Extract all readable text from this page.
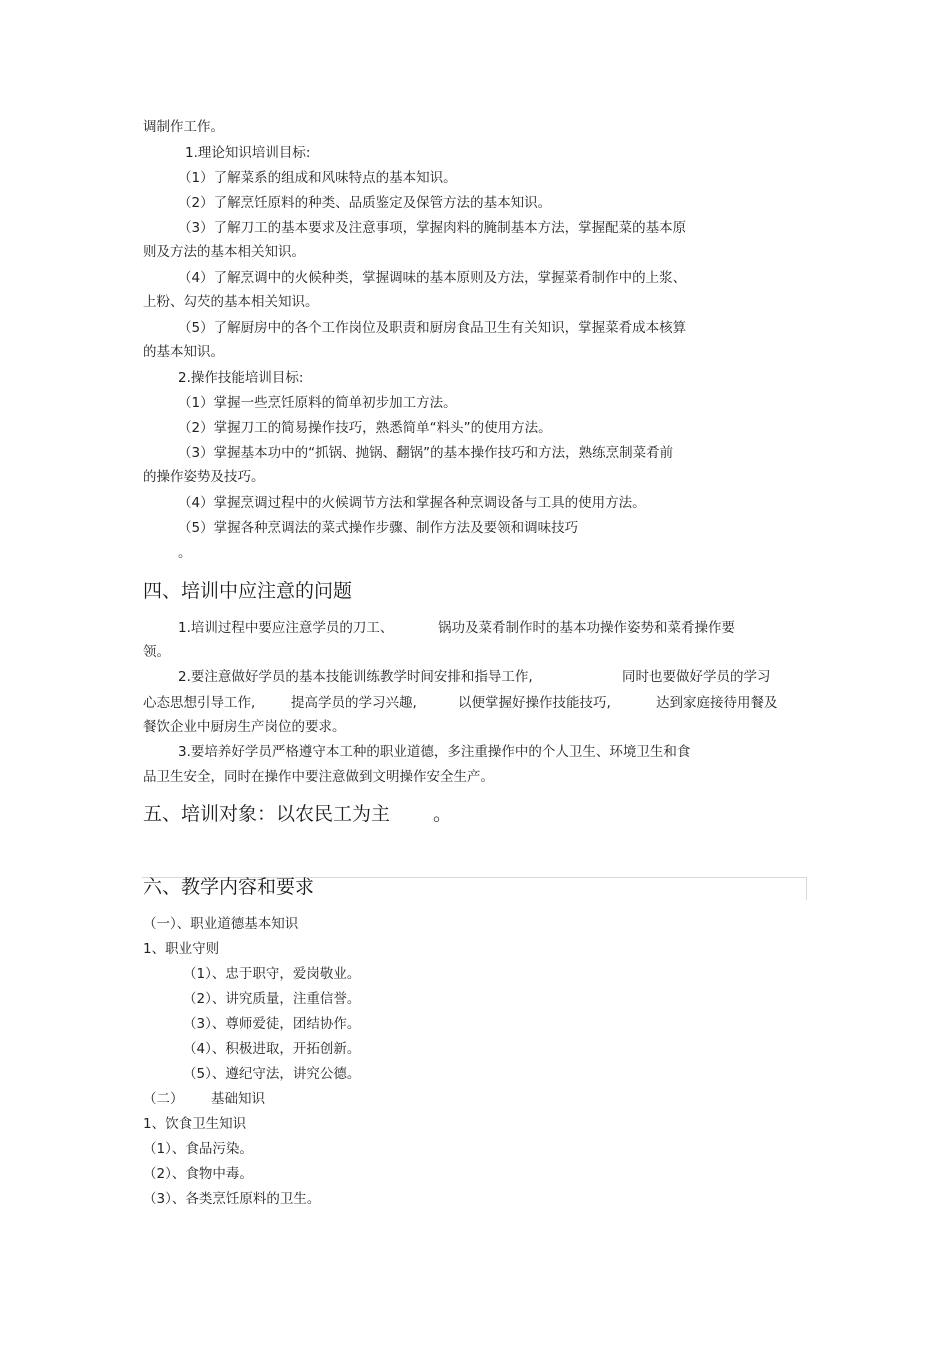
调制作工作。
1.理论知识培训目标:
（1）了解菜系的组成和风味特点的基本知识。
（2）了解烹饪原料的种类、品质鉴定及保管方法的基本知识。
（3）了解刀工的基本要求及注意事项，掌握肉料的腌制基本方法，掌握配菜的基本原
则及方法的基本相关知识。
（4）了解烹调中的火候种类，掌握调味的基本原则及方法，掌握菜肴制作中的上浆、
上粉、勾芡的基本相关知识。
（5）了解厨房中的各个工作岗位及职责和厨房食品卫生有关知识，掌握菜肴成本核算
的基本知识。
2.操作技能培训目标:
（1）掌握一些烹饪原料的简单初步加工方法。
（2）掌握刀工的简易操作技巧，熟悉简单“料头”的使用方法。
（3）掌握基本功中的“抓锅、抛锅、翻锅”的基本操作技巧和方法，熟练烹制菜肴前
的操作姿势及技巧。
（4）掌握烹调过程中的火候调节方法和掌握各种烹调设备与工具的使用方法。
（5）掌握各种烹调法的菜式操作步骤、制作方法及要领和调味技巧
。
四、培训中应注意的问题
1.培训过程中要应注意学员的刀工、	锅功及菜肴制作时的基本功操作姿势和菜肴操作要
领。
2.要注意做好学员的基本技能训练教学时间安排和指导工作,	同时也要做好学员的学习
心态思想引导工作,	提高学员的学习兴趣,	以便掌握好操作技能技巧,	达到家庭接待用餐及
餐饮企业中厨房生产岗位的要求。
3.要培养好学员严格遵守本工种的职业道德，多注重操作中的个人卫生、环境卫生和食
品卫生安全，同时在操作中要注意做到文明操作安全生产。
五、培训对象：以农民工为主 。
六、教学内容和要求
（一）、职业道德基本知识
1、职业守则
（1）、忠于职守，爱岗敬业。
（2）、讲究质量，注重信誉。
（3）、尊师爱徒，团结协作。
（4）、积极进取，开拓创新。
（5）、遵纪守法，讲究公德。
（二） 基础知识
1、饮食卫生知识
（1）、食品污染。
（2）、食物中毒。
（3）、各类烹饪原料的卫生。
